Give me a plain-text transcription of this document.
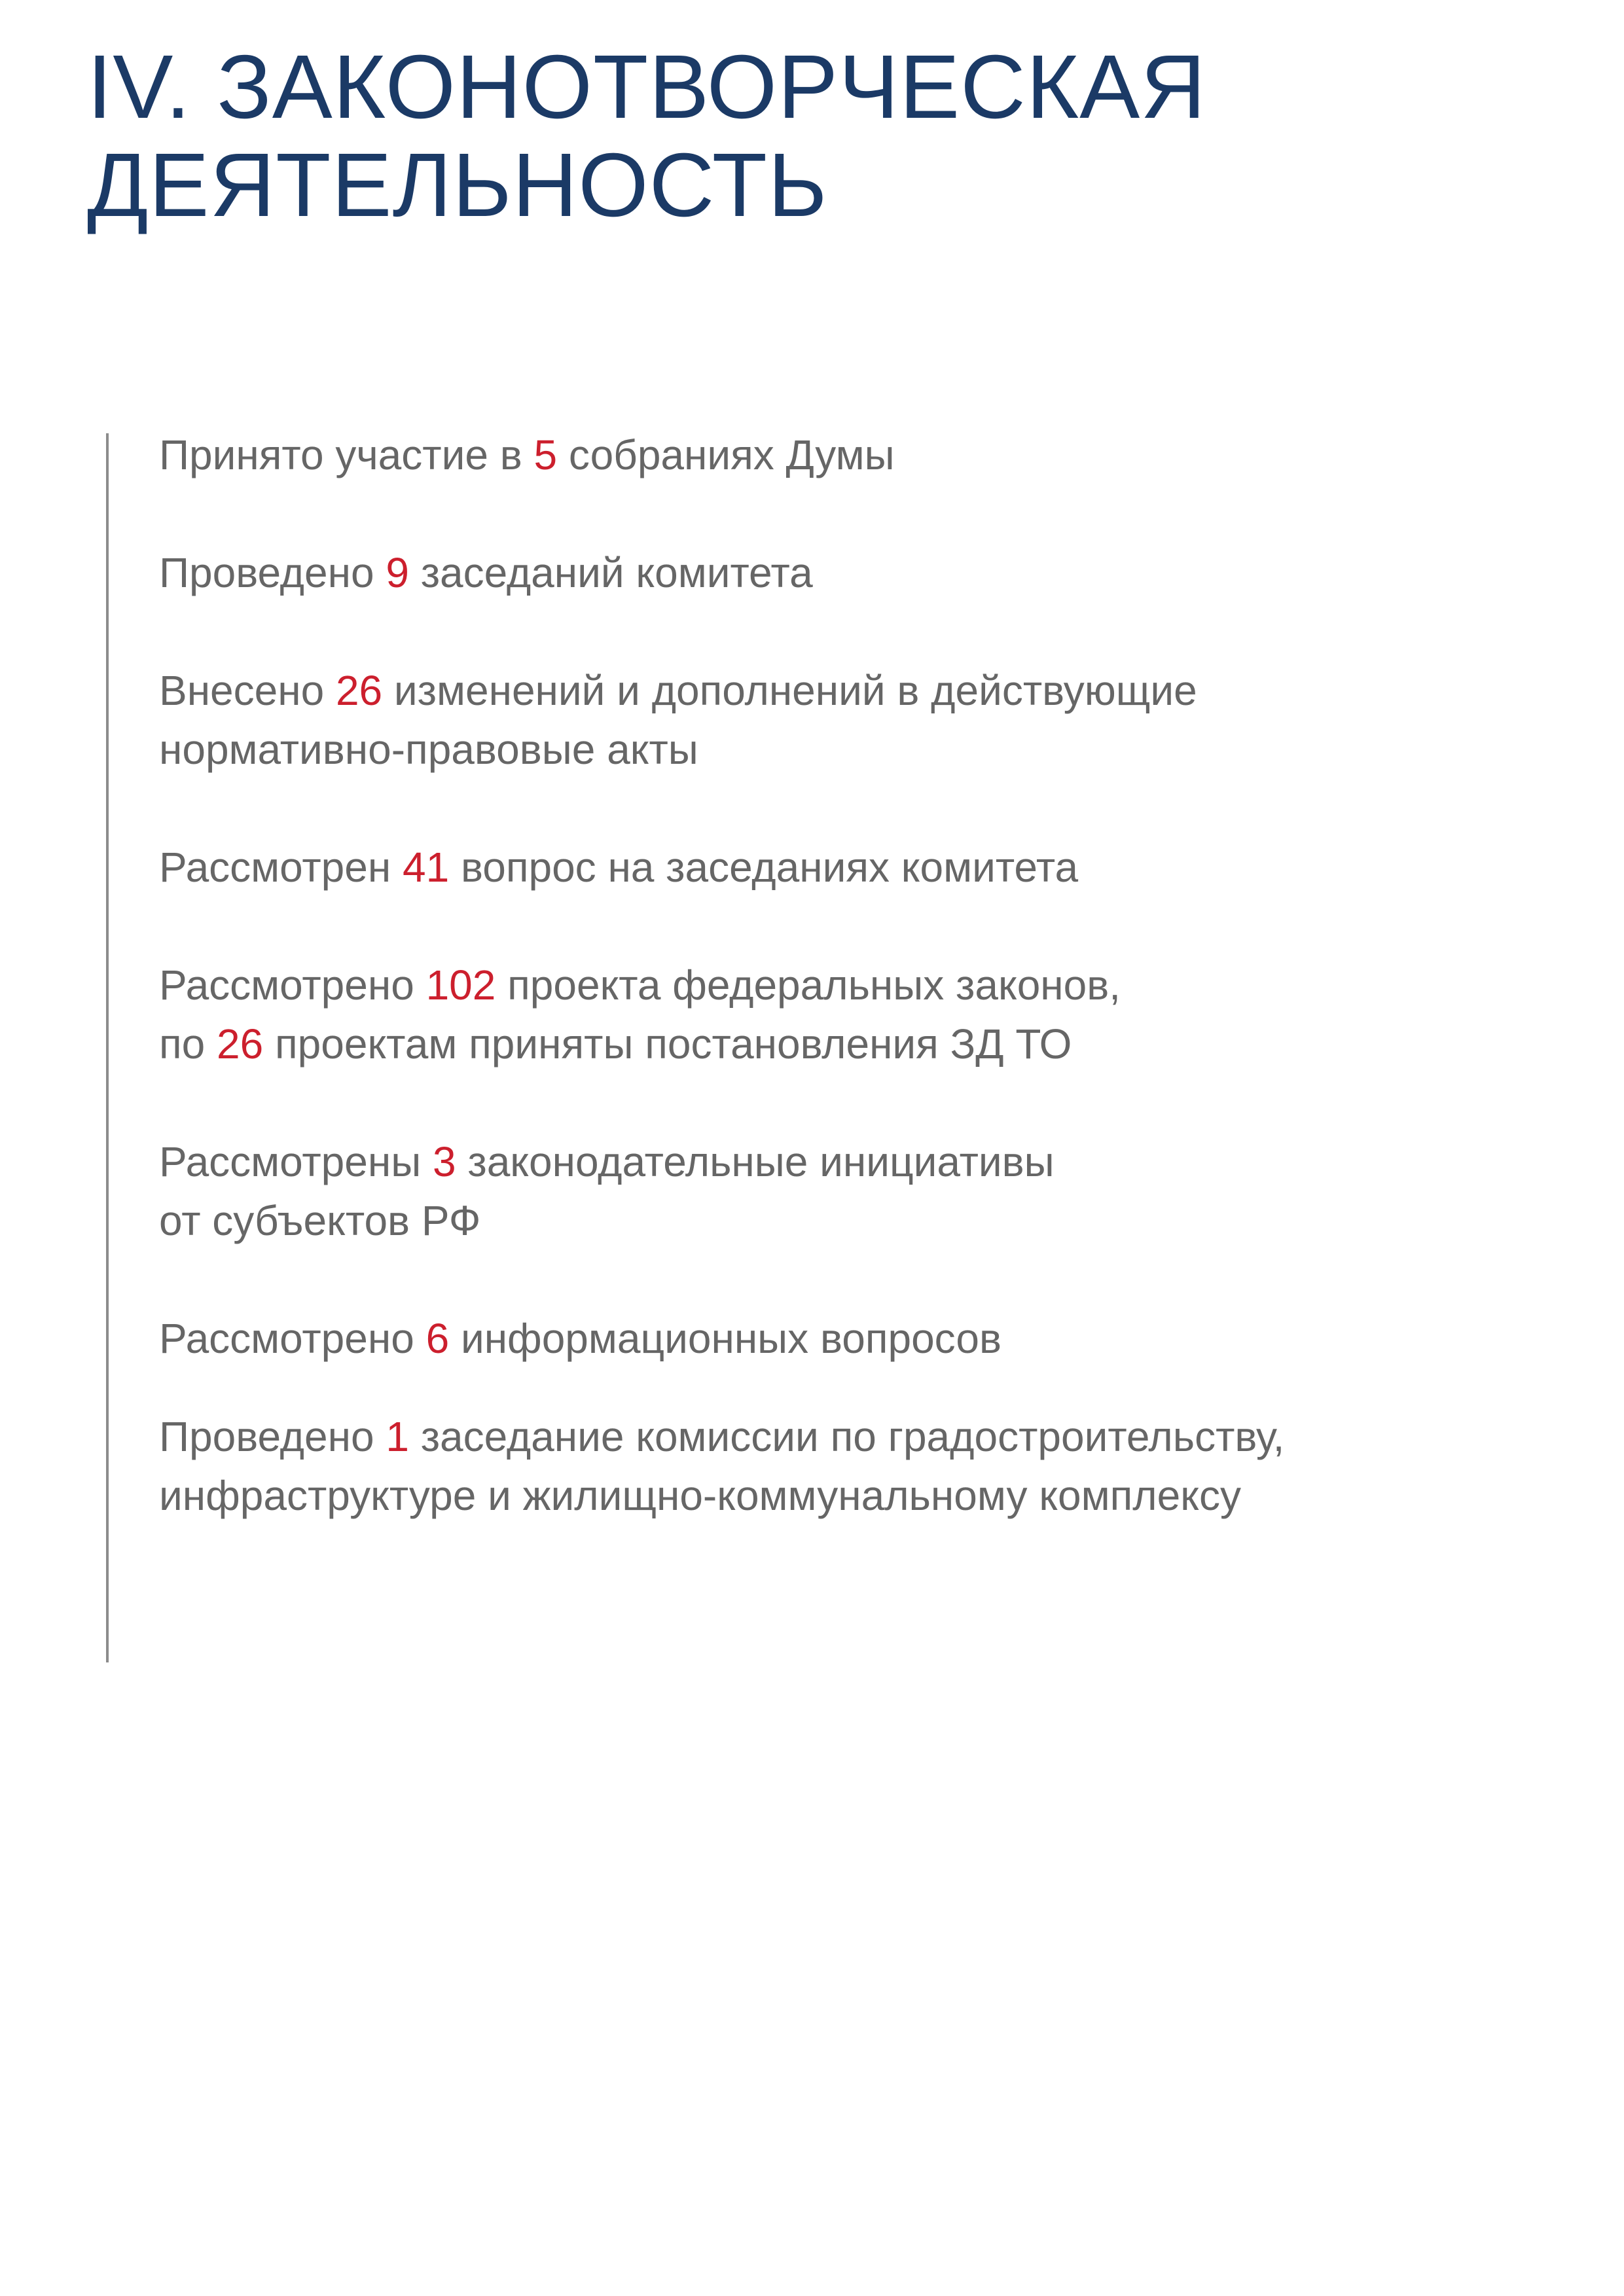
IV. ЗАКОНОТВОРЧЕСКАЯ
ДЕЯТЕЛЬНОСТЬ
Принято участие в 5 собраниях Думы
Проведено 9 заседаний комитета
Внесено 26 изменений и дополнений в действующие
нормативно-правовые акты
Рассмотрен 41 вопрос на заседаниях комитета
Рассмотрено 102 проекта федеральных законов,
по 26 проектам приняты постановления ЗД ТО
Рассмотрены 3 законодательные инициативы
от субъектов РФ
Рассмотрено 6 информационных вопросов
Проведено 1 заседание комиссии по градостроительству,
инфраструктуре и жилищно-коммунальному комплексу
